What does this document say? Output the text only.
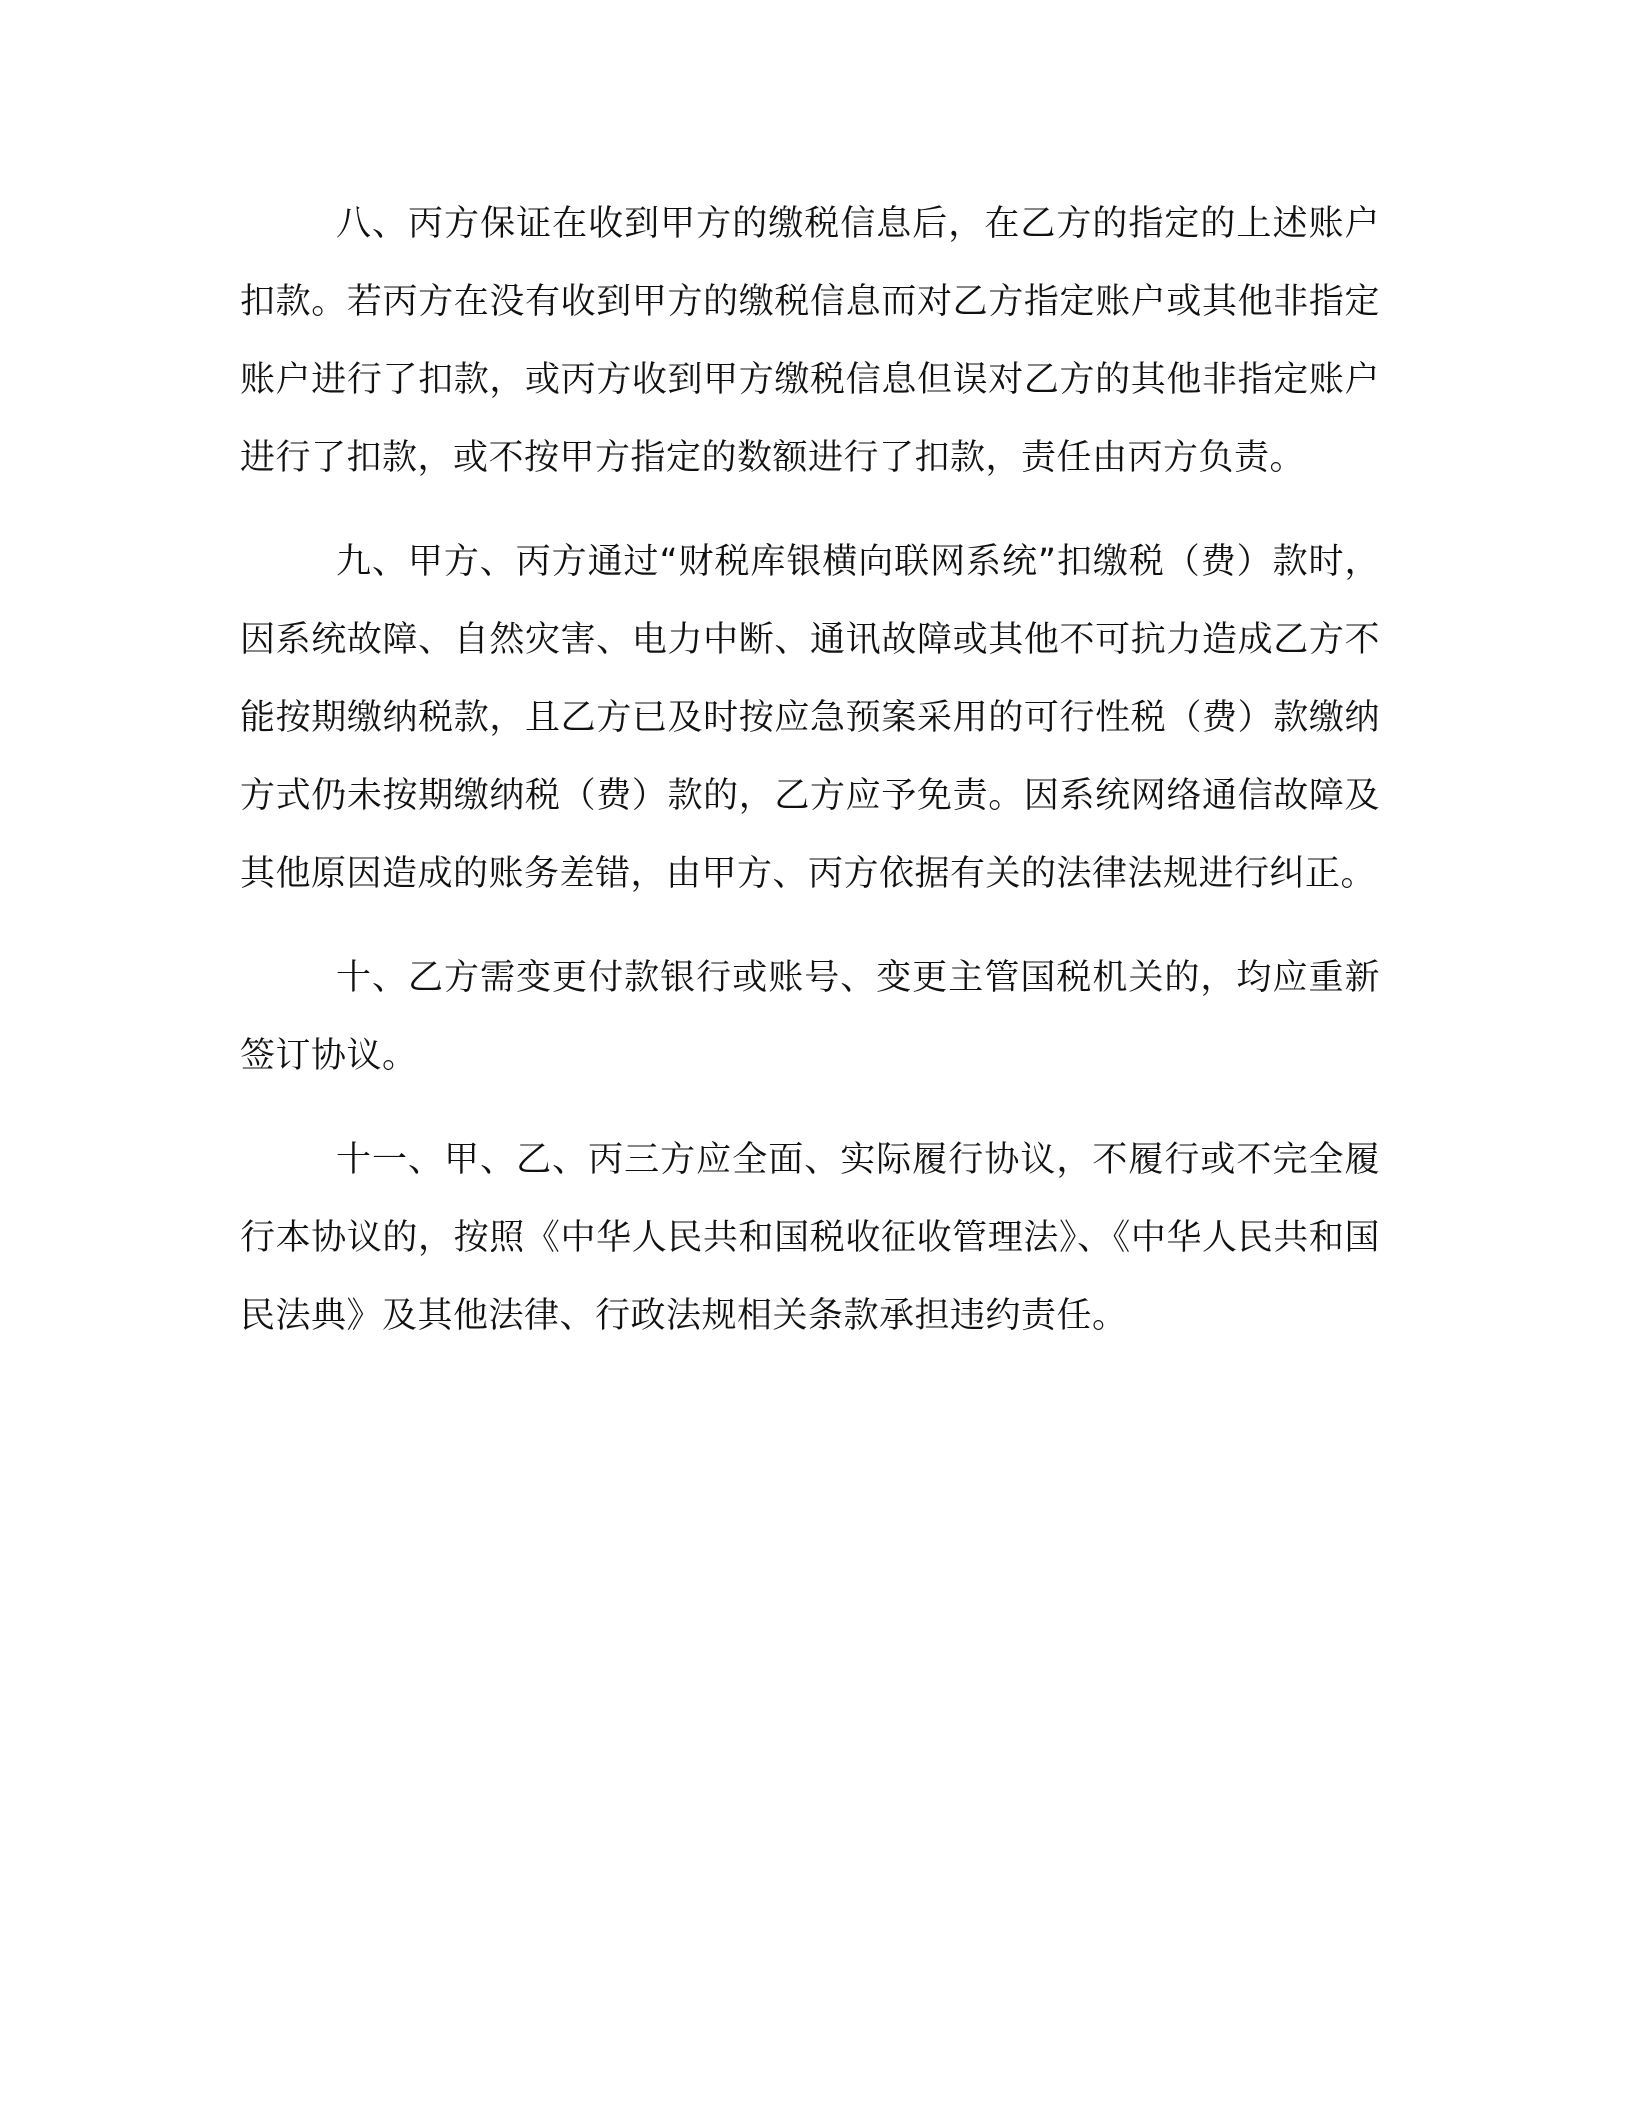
八、丙方保证在收到甲方的缴税信息后，在乙方的指定的上述账户扣款。若丙方在没有收到甲方的缴税信息而对乙方指定账户或其他非指定账户进行了扣款，或丙方收到甲方缴税信息但误对乙方的其他非指定账户进行了扣款，或不按甲方指定的数额进行了扣款，责任由丙方负责。

九、甲方、丙方通过“财税库银横向联网系统”扣缴税（费）款时，因系统故障、自然灾害、电力中断、通讯故障或其他不可抗力造成乙方不能按期缴纳税款，且乙方已及时按应急预案采用的可行性税（费）款缴纳方式仍未按期缴纳税（费）款的，乙方应予免责。因系统网络通信故障及其他原因造成的账务差错，由甲方、丙方依据有关的法律法规进行纠正。

十、乙方需变更付款银行或账号、变更主管国税机关的，均应重新签订协议。

十一、甲、乙、丙三方应全面、实际履行协议，不履行或不完全履行本协议的，按照《中华人民共和国税收征收管理法》、《中华人民共和国民法典》及其他法律、行政法规相关条款承担违约责任。
